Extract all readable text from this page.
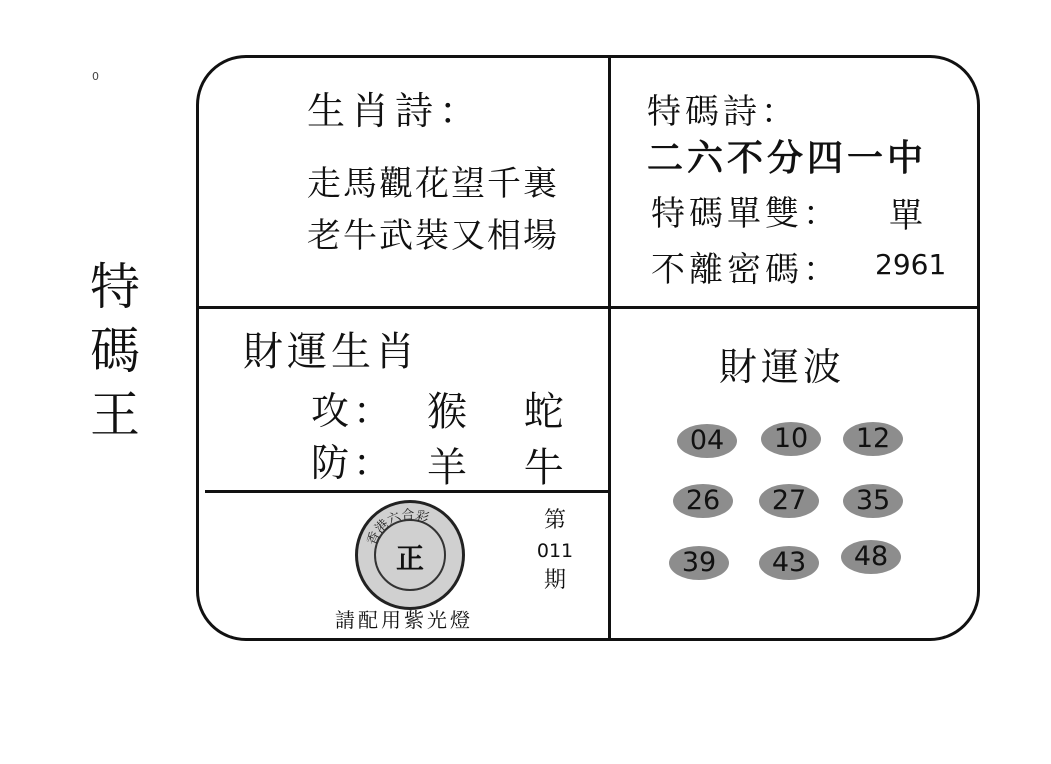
0
特
碼
王
生肖詩：
走馬觀花望千裏
老牛武裝又相場
特碼詩：
二六不分四一中
特碼單雙： 單
不離密碼： 2961
財運生肖
攻： 猴 蛇
防： 羊 牛
香港六合彩
正
第
011
期
請配用紫光燈
財運波
04	10	12
26	27	35
39	43	48
